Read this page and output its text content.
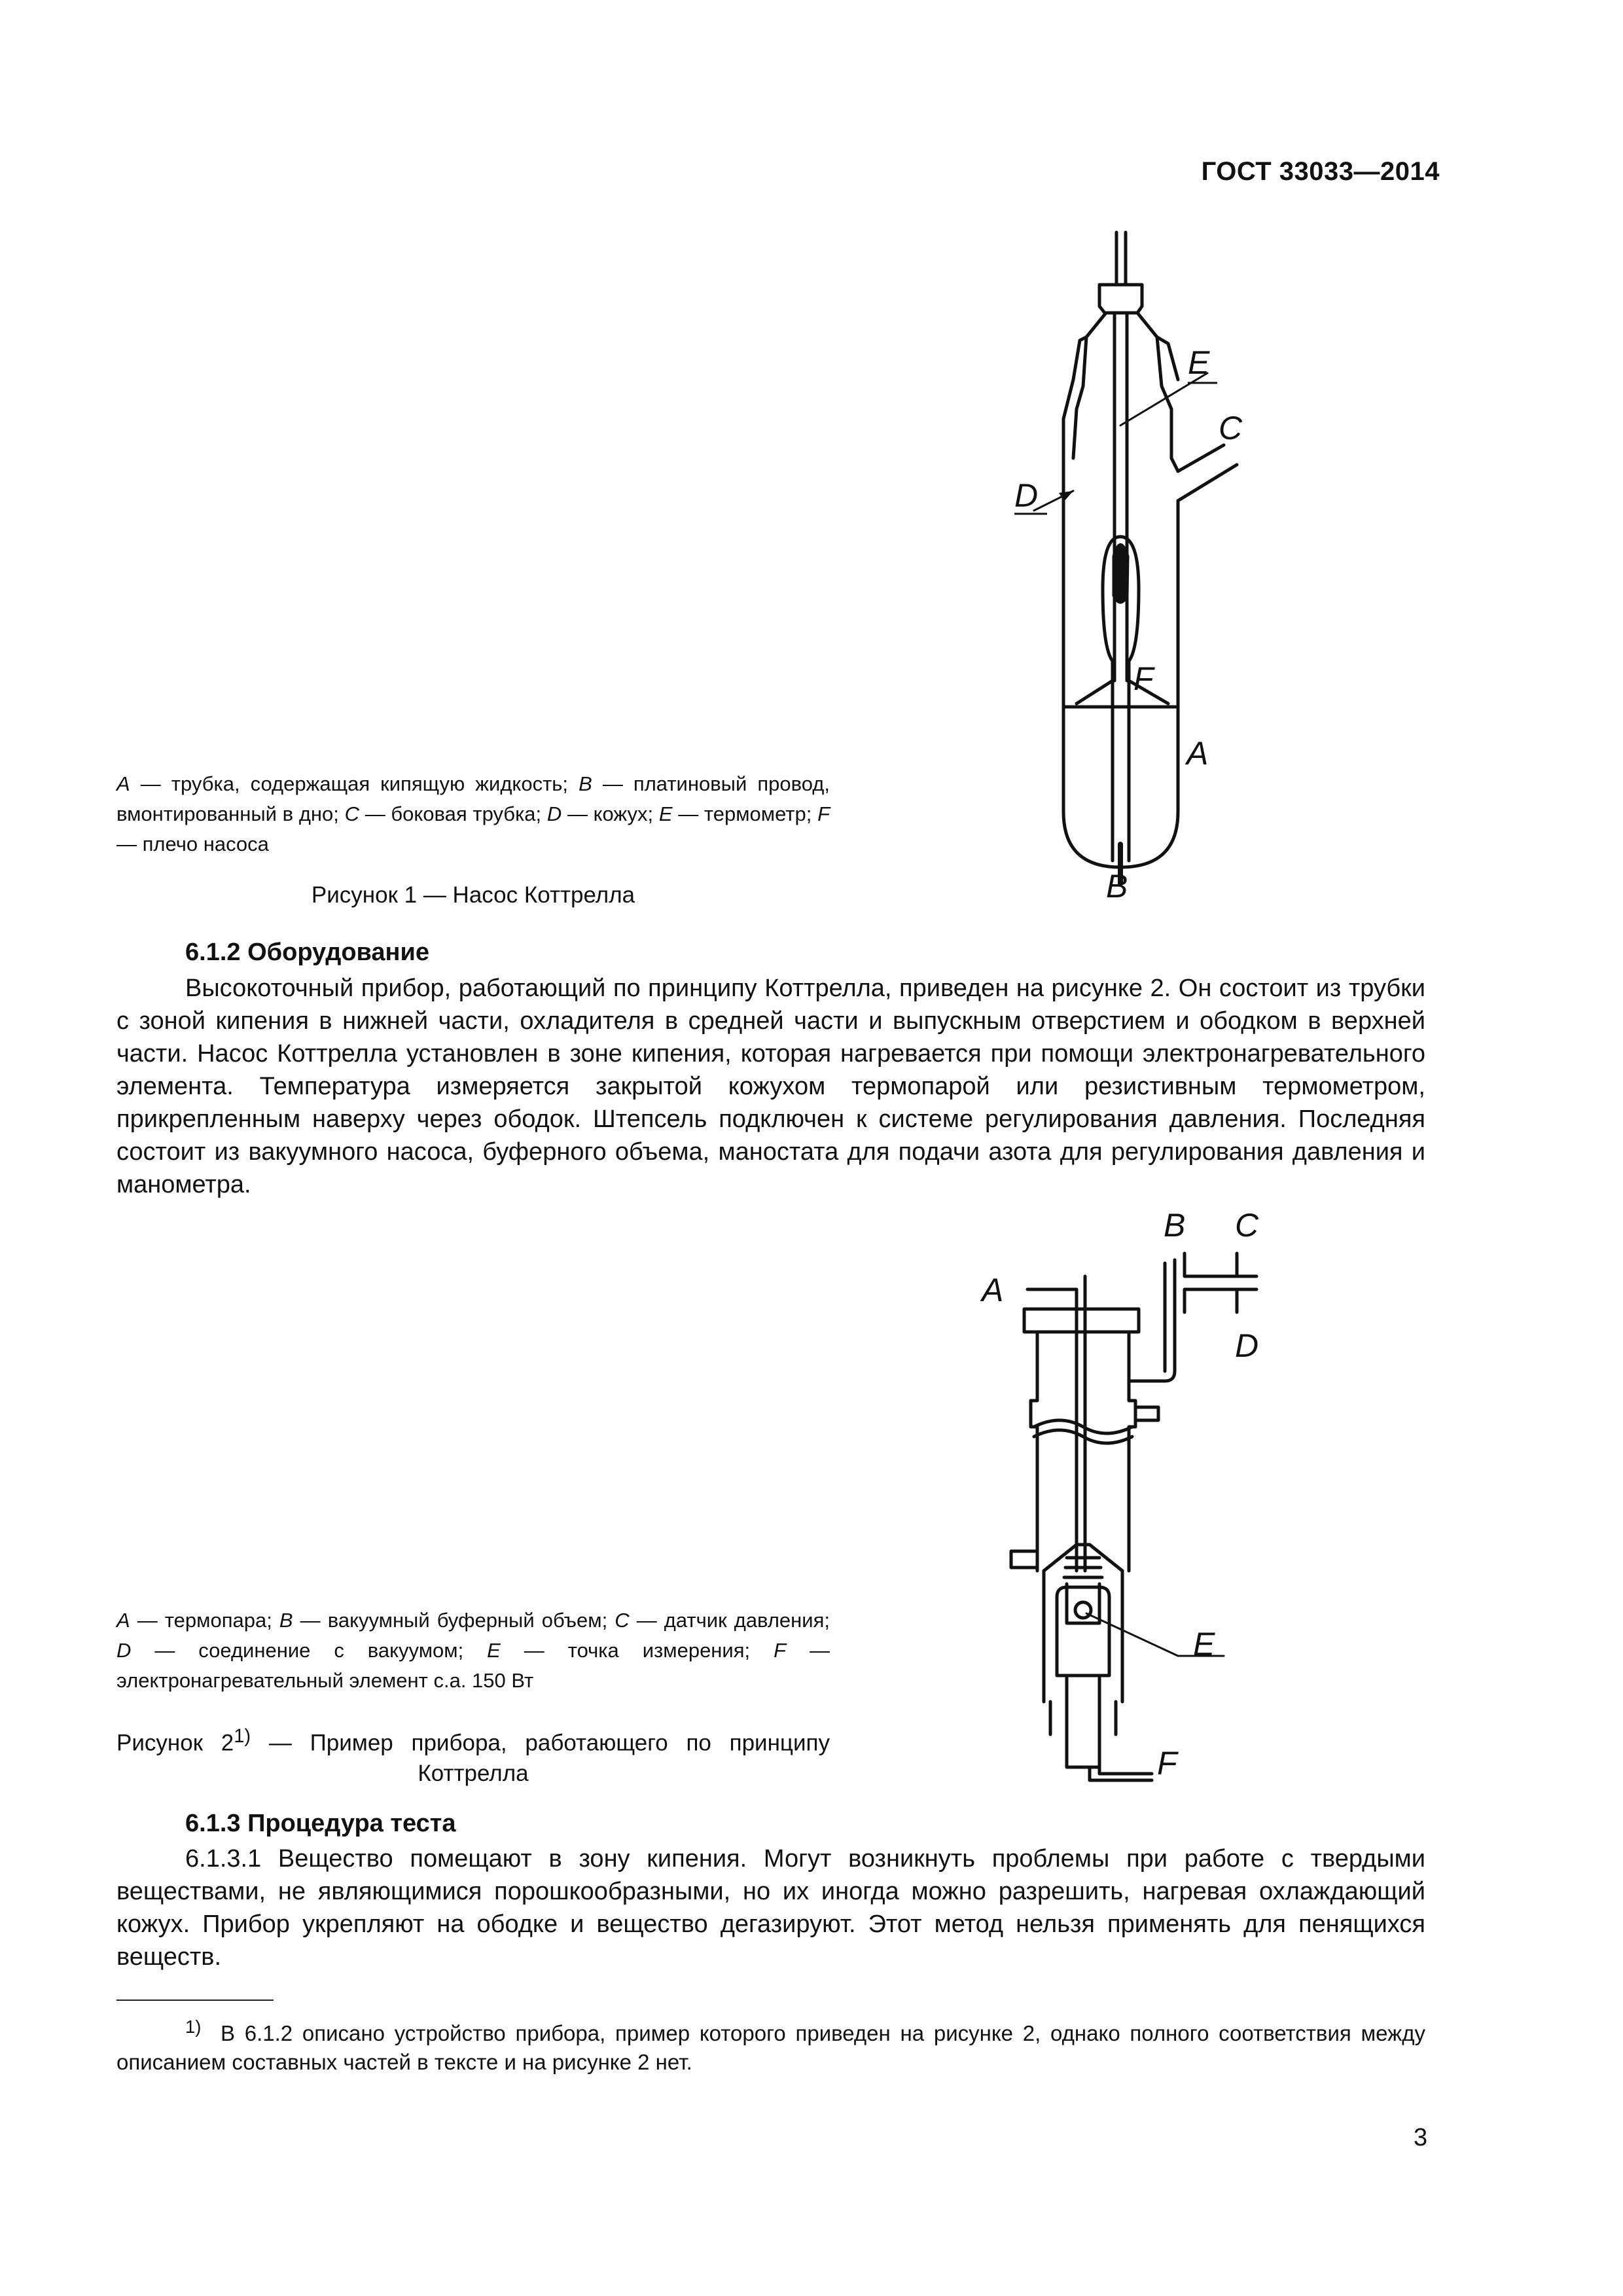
ГОСТ 33033—2014
E
C
D
F
A
B
A — трубка, содержащая кипящую жидкость; B — платиновый провод, вмонтированный в дно; C — боковая трубка; D — кожух; E — термометр; F — плечо насоса
Рисунок 1 — Насос Коттрелла
6.1.2 Оборудование
Высокоточный прибор, работающий по принципу Коттрелла, приведен на рисунке 2. Он состоит из трубки с зоной кипения в нижней части, охладителя в средней части и выпускным отверстием и ободком в верхней части. Насос Коттрелла установлен в зоне кипения, которая нагревается при помощи электронагревательного элемента. Температура измеряется закрытой кожухом термопарой или резистивным термометром, прикрепленным наверху через ободок. Штепсель подключен к системе регулирования давления. Последняя состоит из вакуумного насоса, буферного объема, маностата для подачи азота для регулирования давления и манометра.
B C
A
D
E
F
A — термопара; B — вакуумный буферный объем; C — датчик давления; D — соединение с вакуумом; E — точка измерения; F — электронагревательный элемент с.а. 150 Вт
Рисунок 2$^{1)}$ — Пример прибора, работающего по принципу Коттрелла
6.1.3 Процедура теста
6.1.3.1 Вещество помещают в зону кипения. Могут возникнуть проблемы при работе с твердыми веществами, не являющимися порошкообразными, но их иногда можно разрешить, нагревая охлаждающий кожух. Прибор укрепляют на ободке и вещество дегазируют. Этот метод нельзя применять для пенящихся веществ.
$^{1)}$ В 6.1.2 описано устройство прибора, пример которого приведен на рисунке 2, однако полного соответствия между описанием составных частей в тексте и на рисунке 2 нет.
3
